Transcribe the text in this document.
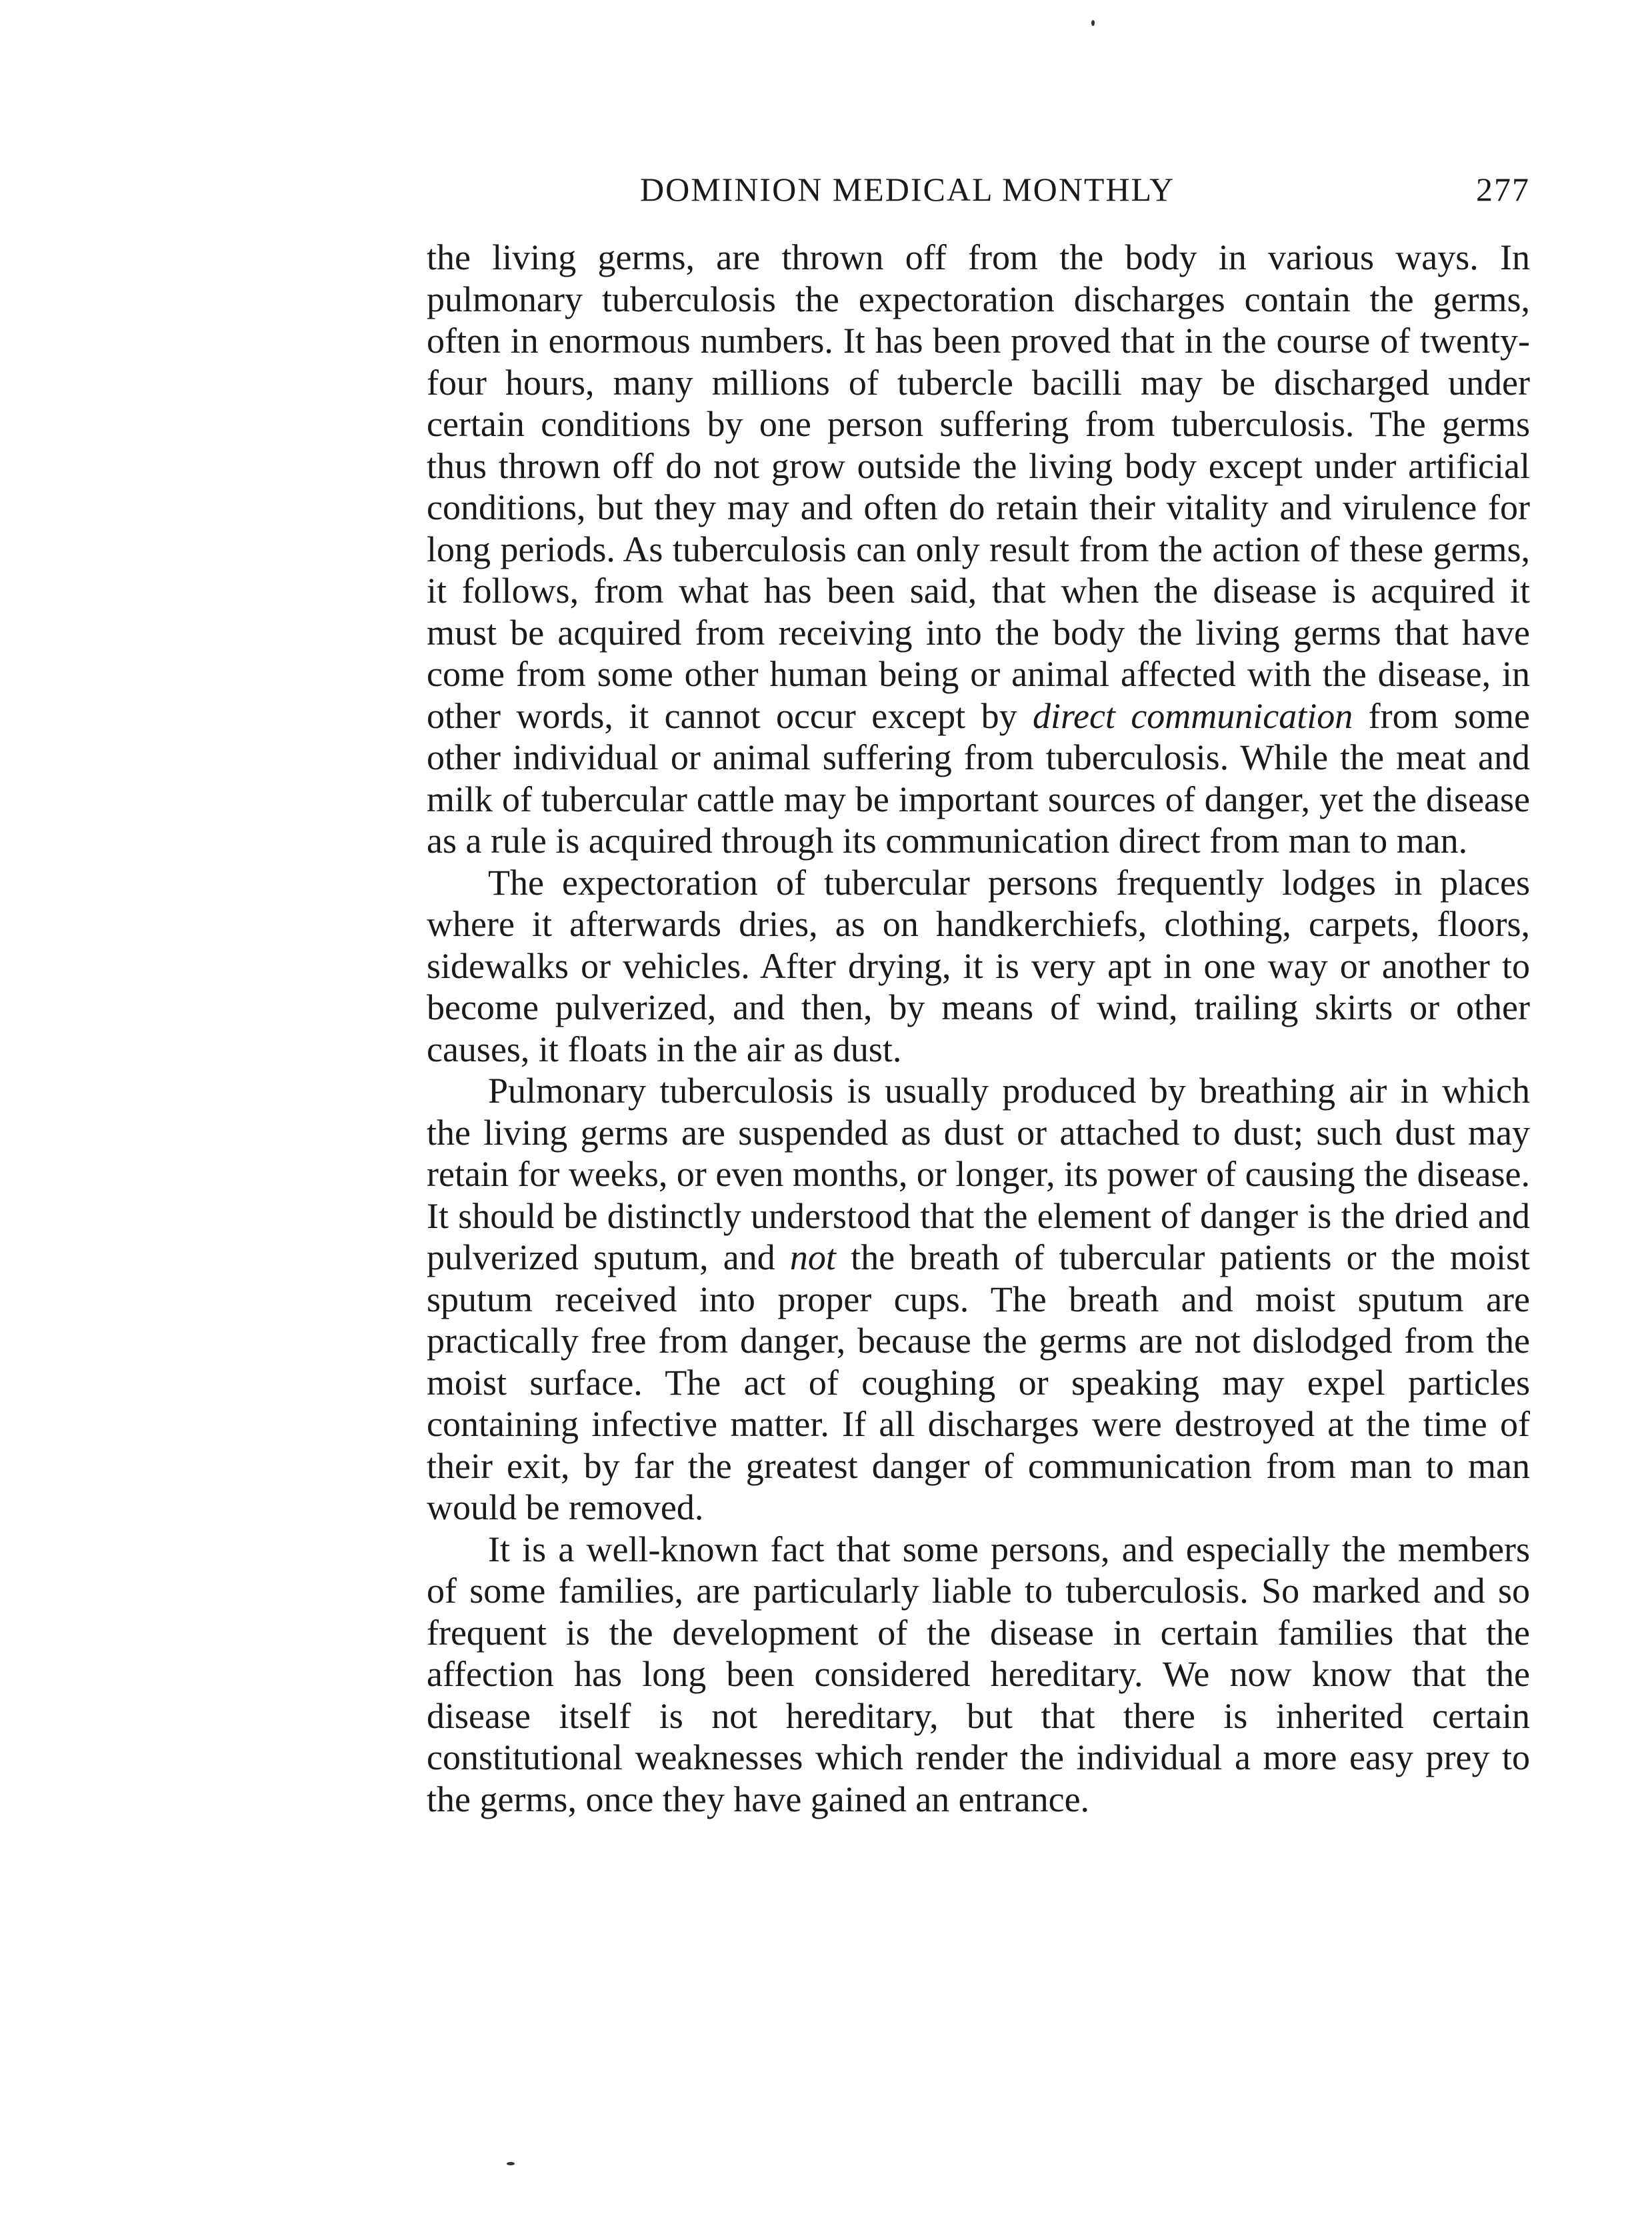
DOMINION MEDICAL MONTHLY	277

the living germs, are thrown off from the body in various ways. In pulmonary tuberculosis the expectoration discharges contain the germs, often in enormous numbers. It has been proved that in the course of twenty-four hours, many millions of tubercle bacilli may be discharged under certain conditions by one person suffering from tuberculosis. The germs thus thrown off do not grow outside the living body except under artificial conditions, but they may and often do retain their vitality and virulence for long periods. As tuberculosis can only result from the action of these germs, it follows, from what has been said, that when the disease is acquired it must be acquired from receiving into the body the living germs that have come from some other human being or animal affected with the disease, in other words, it cannot occur except by direct communication from some other individual or animal suffering from tuberculosis. While the meat and milk of tubercular cattle may be important sources of danger, yet the disease as a rule is acquired through its communication direct from man to man.

The expectoration of tubercular persons frequently lodges in places where it afterwards dries, as on handkerchiefs, clothing, carpets, floors, sidewalks or vehicles. After drying, it is very apt in one way or another to become pulverized, and then, by means of wind, trailing skirts or other causes, it floats in the air as dust.

Pulmonary tuberculosis is usually produced by breathing air in which the living germs are suspended as dust or attached to dust; such dust may retain for weeks, or even months, or longer, its power of causing the disease. It should be distinctly understood that the element of danger is the dried and pulverized sputum, and not the breath of tubercular patients or the moist sputum received into proper cups. The breath and moist sputum are practically free from danger, because the germs are not dislodged from the moist surface. The act of coughing or speaking may expel particles containing infective matter. If all discharges were destroyed at the time of their exit, by far the greatest danger of communication from man to man would be removed.

It is a well-known fact that some persons, and especially the members of some families, are particularly liable to tuberculosis. So marked and so frequent is the development of the disease in certain families that the affection has long been considered hereditary. We now know that the disease itself is not hereditary, but that there is inherited certain constitutional weaknesses which render the individual a more easy prey to the germs, once they have gained an entrance.
